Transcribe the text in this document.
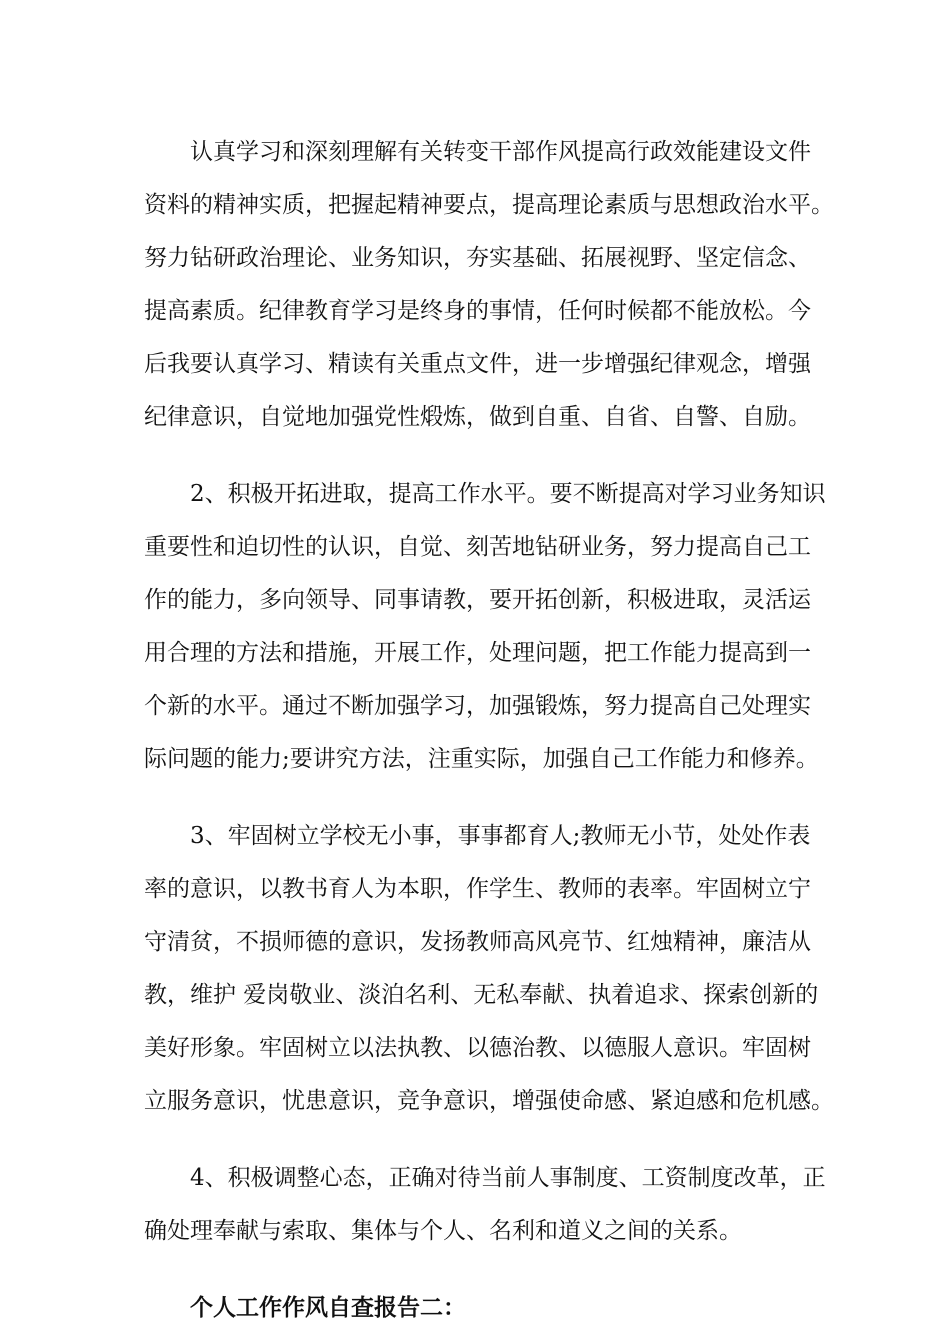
认真学习和深刻理解有关转变干部作风提高行政效能建设文件
资料的精神实质，把握起精神要点，提高理论素质与思想政治水平。
努力钻研政治理论、业务知识，夯实基础、拓展视野、坚定信念、
提高素质。纪律教育学习是终身的事情，任何时候都不能放松。今
后我要认真学习、精读有关重点文件，进一步增强纪律观念，增强
纪律意识，自觉地加强党性煅炼，做到自重、自省、自警、自励。
2、积极开拓进取，提高工作水平。要不断提高对学习业务知识
重要性和迫切性的认识，自觉、刻苦地钻研业务，努力提高自己工
作的能力，多向领导、同事请教，要开拓创新，积极进取，灵活运
用合理的方法和措施，开展工作，处理问题，把工作能力提高到一
个新的水平。通过不断加强学习，加强锻炼，努力提高自己处理实
际问题的能力;要讲究方法，注重实际，加强自己工作能力和修养。
3、牢固树立学校无小事，事事都育人;教师无小节，处处作表
率的意识，以教书育人为本职，作学生、教师的表率。牢固树立宁
守清贫，不损师德的意识，发扬教师高风亮节、红烛精神，廉洁从
教，维护 爱岗敬业、淡泊名利、无私奉献、执着追求、探索创新的
美好形象。牢固树立以法执教、以德治教、以德服人意识。牢固树
立服务意识，忧患意识，竞争意识，增强使命感、紧迫感和危机感。
4、积极调整心态，正确对待当前人事制度、工资制度改革，正
确处理奉献与索取、集体与个人、名利和道义之间的关系。
个人工作作风自查报告二：
